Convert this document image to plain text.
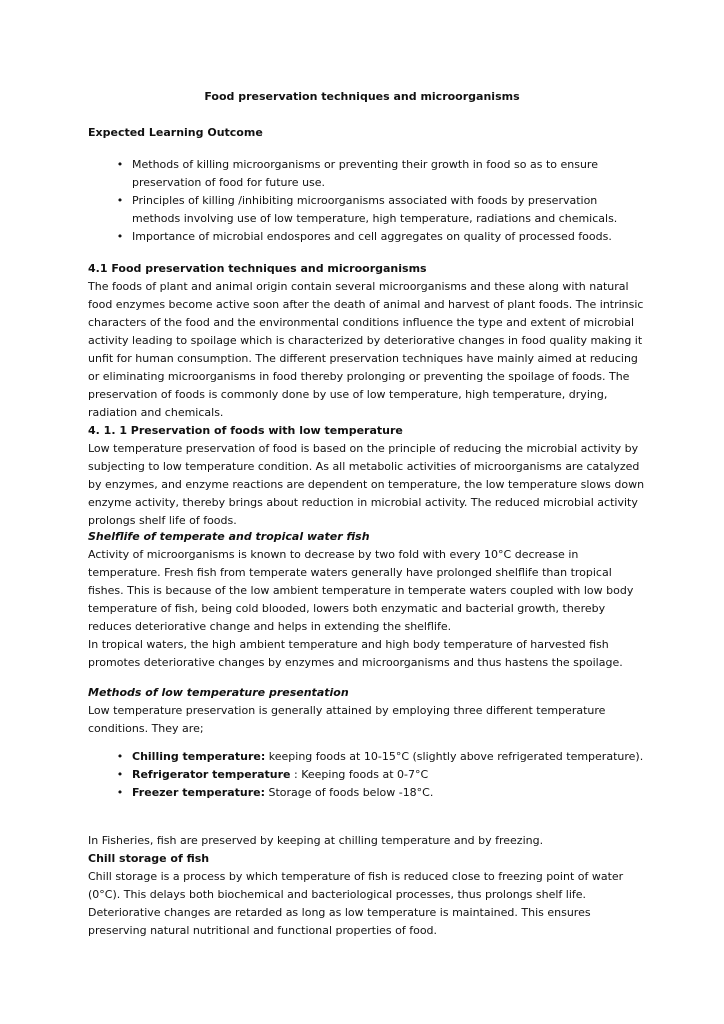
Food preservation techniques and microorganisms
Expected Learning Outcome
• Methods of killing microorganisms or preventing their growth in food so as to ensure preservation of food for future use.
• Principles of killing /inhibiting microorganisms associated with foods by preservation methods involving use of low temperature, high temperature, radiations and chemicals.
• Importance of microbial endospores and cell aggregates on quality of processed foods.
4.1 Food preservation techniques and microorganisms

The foods of plant and animal origin contain several microorganisms and these along with natural food enzymes become active soon after the death of animal and harvest of plant foods. The intrinsic characters of the food and the environmental conditions influence the type and extent of microbial activity leading to spoilage which is characterized by deteriorative changes in food quality making it unfit for human consumption. The different preservation techniques have mainly aimed at reducing or eliminating microorganisms in food thereby prolonging or preventing the spoilage of foods. The preservation of foods is commonly done by use of low temperature, high temperature, drying, radiation and chemicals.

4. 1. 1 Preservation of foods with low temperature

Low temperature preservation of food is based on the principle of reducing the microbial activity by subjecting to low temperature condition. As all metabolic activities of microorganisms are catalyzed by enzymes, and enzyme reactions are dependent on temperature, the low temperature slows down enzyme activity, thereby brings about reduction in microbial activity. The reduced microbial activity prolongs shelf life of foods.

Shelflife of temperate and tropical water fish

Activity of microorganisms is known to decrease by two fold with every 10°C decrease in temperature. Fresh fish from temperate waters generally have prolonged shelflife than tropical fishes. This is because of the low ambient temperature in temperate waters coupled with low body temperature of fish, being cold blooded, lowers both enzymatic and bacterial growth, thereby reduces deteriorative change and helps in extending the shelflife.

In tropical waters, the high ambient temperature and high body temperature of harvested fish promotes deteriorative changes by enzymes and microorganisms and thus hastens the spoilage.

Methods of low temperature presentation

Low temperature preservation is generally attained by employing three different temperature conditions. They are;

• Chilling temperature: keeping foods at 10-15°C (slightly above refrigerated temperature).
• Refrigerator temperature : Keeping foods at 0-7°C
• Freezer temperature: Storage of foods below -18°C.

In Fisheries, fish are preserved by keeping at chilling temperature and by freezing.

Chill storage of fish

Chill storage is a process by which temperature of fish is reduced close to freezing point of water (0°C). This delays both biochemical and bacteriological processes, thus prolongs shelf life. Deteriorative changes are retarded as long as low temperature is maintained. This ensures preserving natural nutritional and functional properties of food.
